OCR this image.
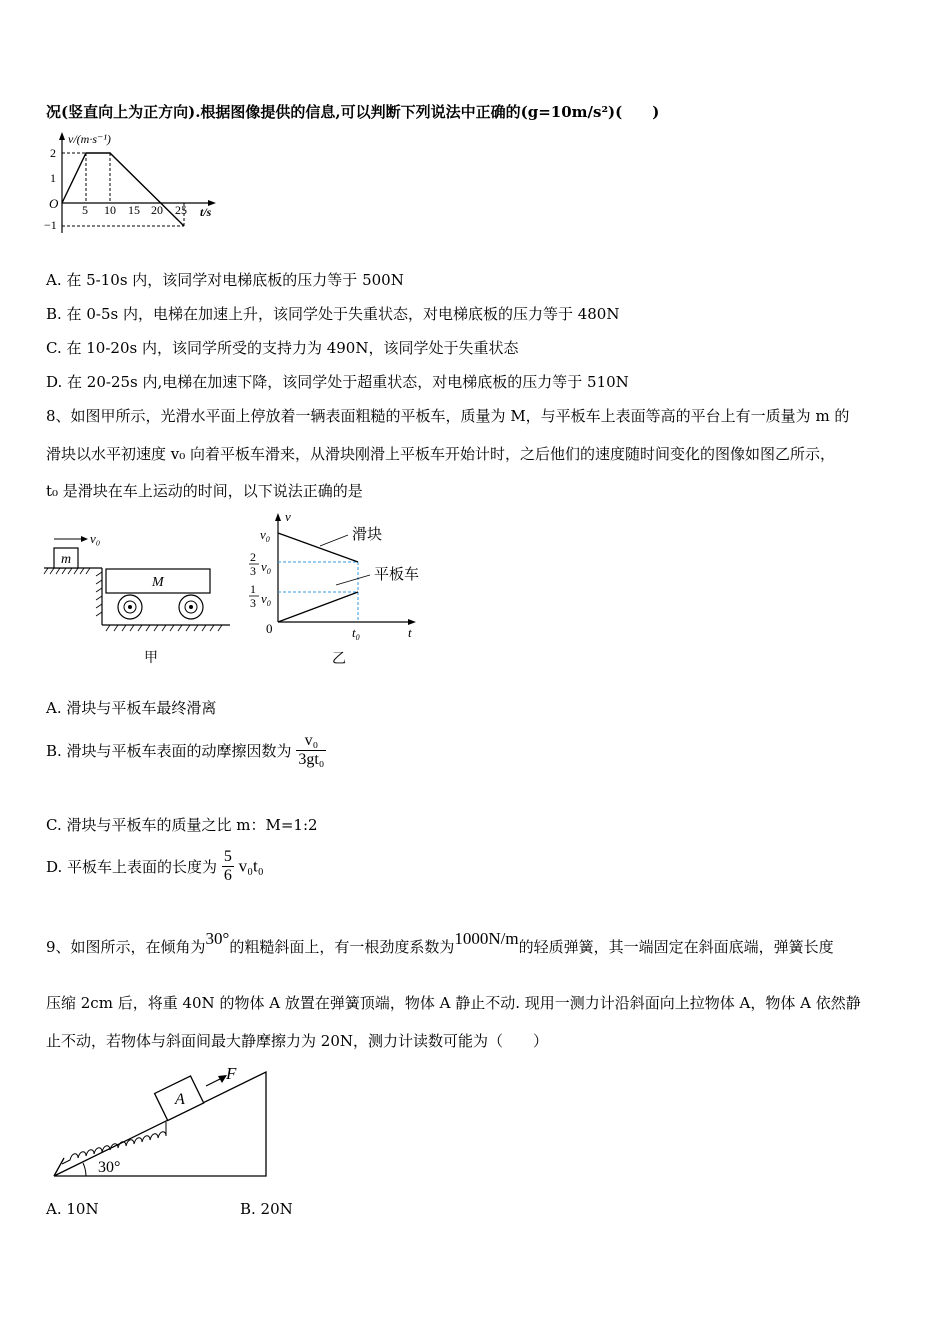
况(竖直向上为正方向).根据图像提供的信息,可以判断下列说法中正确的(g=10m/s²)(　　)
v/(m·s⁻¹)
t/s
O
2
1
−1
5 10 15 20 25
A. 在 5-10s 内，该同学对电梯底板的压力等于 500N
B. 在 0-5s 内，电梯在加速上升，该同学处于失重状态，对电梯底板的压力等于 480N
C. 在 10-20s 内，该同学所受的支持力为 490N，该同学处于失重状态
D. 在 20-25s 内,电梯在加速下降，该同学处于超重状态，对电梯底板的压力等于 510N
8、如图甲所示，光滑水平面上停放着一辆表面粗糙的平板车，质量为 M，与平板车上表面等高的平台上有一质量为 m 的
滑块以水平初速度 v₀ 向着平板车滑来，从滑块刚滑上平板车开始计时，之后他们的速度随时间变化的图像如图乙所示，
t₀ 是滑块在车上运动的时间，以下说法正确的是
m
v₀
M
甲
v
t
0
$v_0$
2
3 $v_0$
1
3 $v_0$
滑块
平板车
$t_0$
乙
A. 滑块与平板车最终滑离
B. 滑块与平板车表面的动摩擦因数为 $\frac{\text{v₀}}{\text{3gt₀}}$
C. 滑块与平板车的质量之比 m：M=1:2
D. 平板车上表面的长度为 $\frac{5}{6} v_0t_0$
9、如图所示，在倾角为30°的粗糙斜面上，有一根劲度系数为1000N/m的轻质弹簧，其一端固定在斜面底端，弹簧长度
压缩 2cm 后，将重 40N 的物体 A 放置在弹簧顶端，物体 A 静止不动. 现用一测力计沿斜面向上拉物体 A，物体 A 依然静
止不动，若物体与斜面间最大静摩擦力为 20N，测力计读数可能为（　　）
A
F
30°
A. 10N	B. 20N
